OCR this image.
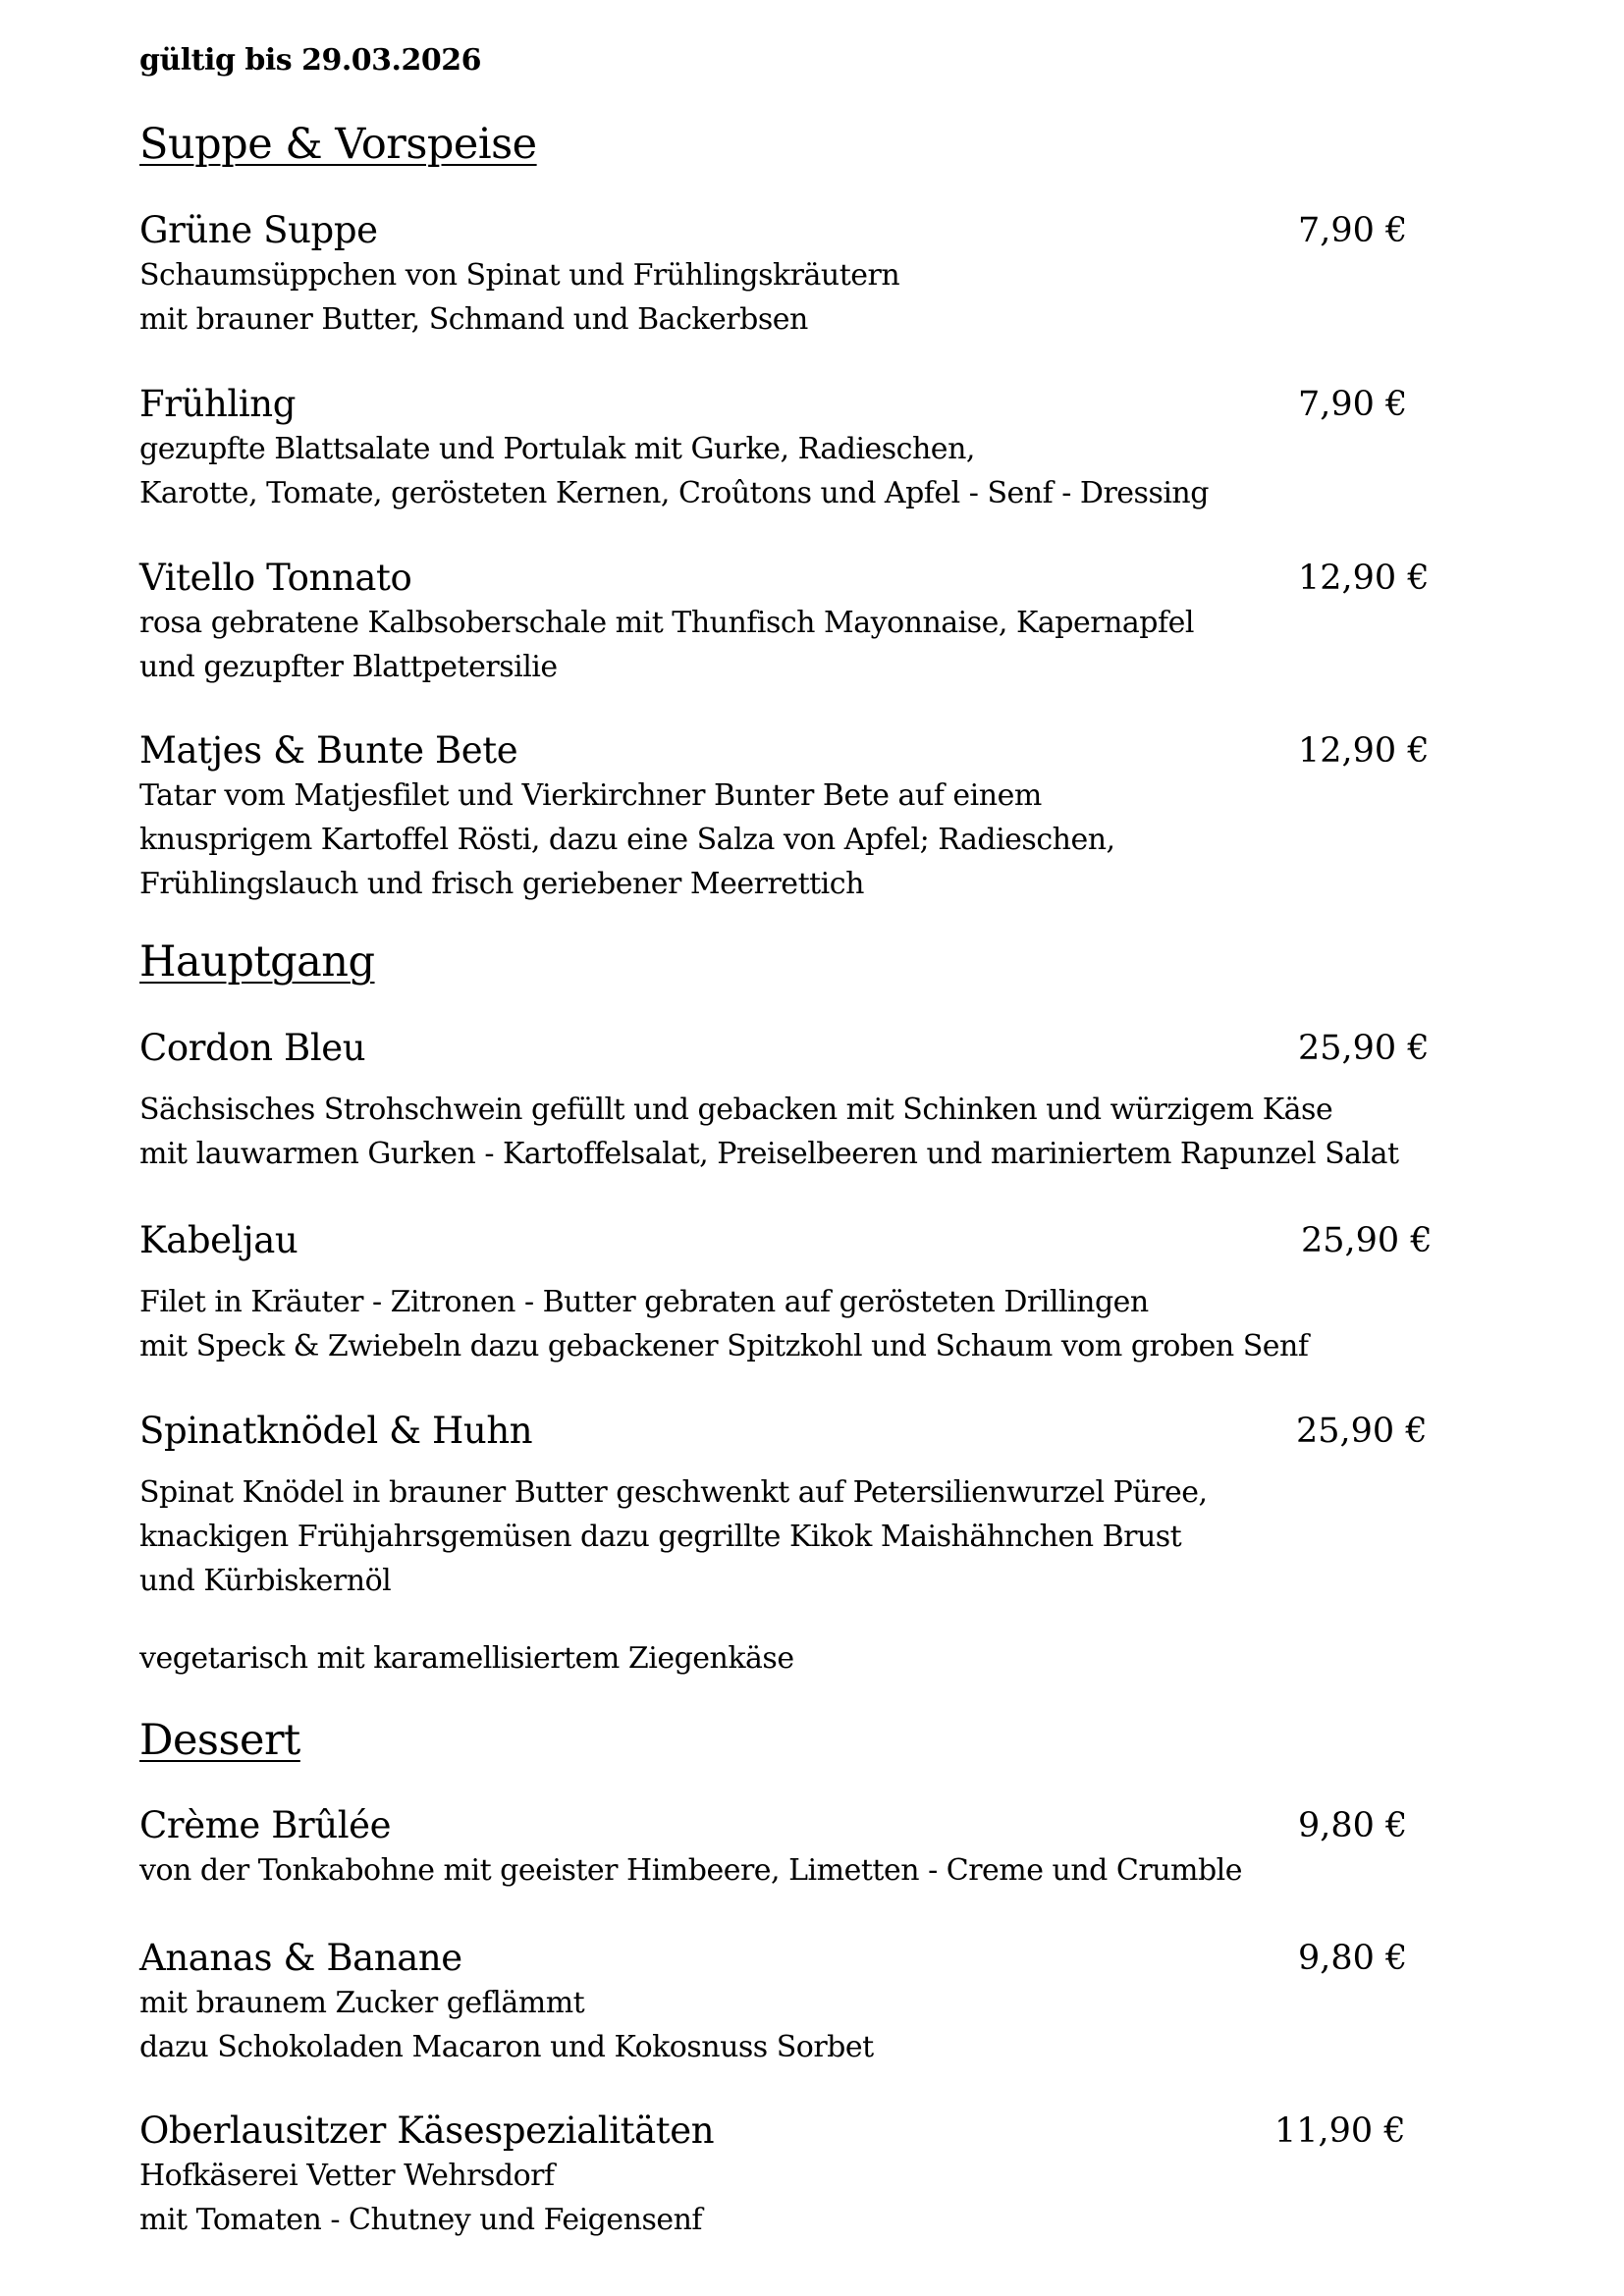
gültig bis 29.03.2026
Suppe & Vorspeise
Grüne Suppe	7,90 €
Schaumsüppchen von Spinat und Frühlingskräutern
mit brauner Butter, Schmand und Backerbsen
Frühling	7,90 €
gezupfte Blattsalate und Portulak mit Gurke, Radieschen,
Karotte, Tomate, gerösteten Kernen, Croûtons und Apfel - Senf - Dressing
Vitello Tonnato	12,90 €
rosa gebratene Kalbsoberschale mit Thunfisch Mayonnaise, Kapernapfel
und gezupfter Blattpetersilie
Matjes & Bunte Bete	12,90 €
Tatar vom Matjesfilet und Vierkirchner Bunter Bete auf einem
knusprigem Kartoffel Rösti, dazu eine Salza von Apfel; Radieschen,
Frühlingslauch und frisch geriebener Meerrettich
Hauptgang
Cordon Bleu	25,90 €
Sächsisches Strohschwein gefüllt und gebacken mit Schinken und würzigem Käse
mit lauwarmen Gurken - Kartoffelsalat, Preiselbeeren und mariniertem Rapunzel Salat
Kabeljau	25,90 €
Filet in Kräuter - Zitronen - Butter gebraten auf gerösteten Drillingen
mit Speck & Zwiebeln dazu gebackener Spitzkohl und Schaum vom groben Senf
Spinatknödel & Huhn	25,90 €
Spinat Knödel in brauner Butter geschwenkt auf Petersilienwurzel Püree,
knackigen Frühjahrsgemüsen dazu gegrillte Kikok Maishähnchen Brust
und Kürbiskernöl
vegetarisch mit karamellisiertem Ziegenkäse
Dessert
Crème Brûlée	9,80 €
von der Tonkabohne mit geeister Himbeere, Limetten - Creme und Crumble
Ananas & Banane	9,80 €
mit braunem Zucker geflämmt
dazu Schokoladen Macaron und Kokosnuss Sorbet
Oberlausitzer Käsespezialitäten	11,90 €
Hofkäserei Vetter Wehrsdorf
mit Tomaten - Chutney und Feigensenf
